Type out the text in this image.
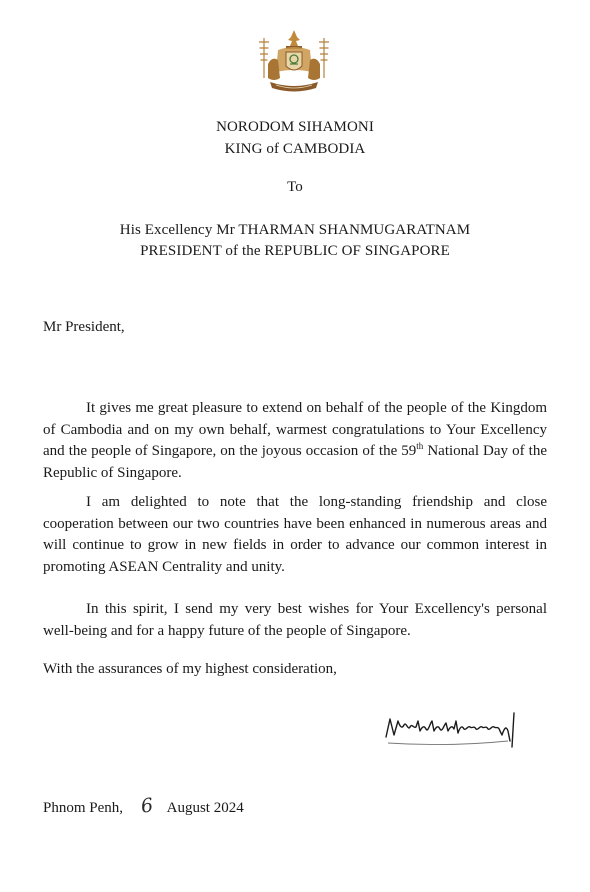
NORODOM SIHAMONI
KING of CAMBODIA
To
His Excellency Mr THARMAN SHANMUGARATNAM
PRESIDENT of the REPUBLIC OF SINGAPORE

Mr President,

It gives me great pleasure to extend on behalf of the people of the Kingdom of Cambodia and on my own behalf, warmest congratulations to Your Excellency and the people of Singapore, on the joyous occasion of the 59th National Day of the Republic of Singapore.

I am delighted to note that the long-standing friendship and close cooperation between our two countries have been enhanced in numerous areas and will continue to grow in new fields in order to advance our common interest in promoting ASEAN Centrality and unity.

In this spirit, I send my very best wishes for Your Excellency's personal well-being and for a happy future of the people of Singapore.

With the assurances of my highest consideration,

Phnom Penh, 6 August 2024
